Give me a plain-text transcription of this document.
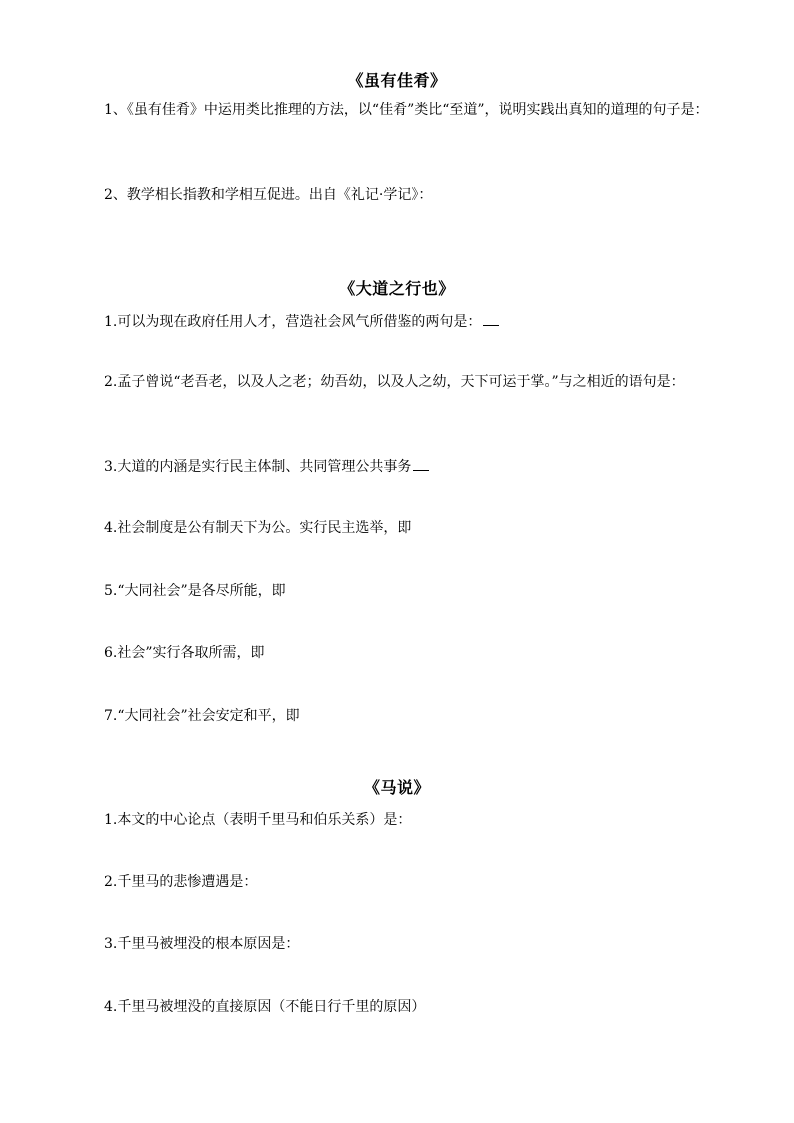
《虽有佳肴》
1、《虽有佳肴》中运用类比推理的方法，以“佳肴”类比“至道”，说明实践出真知的道理的句子是：
2、教学相长指教和学相互促进。出自《礼记·学记》：
《大道之行也》
1.可以为现在政府任用人才，营造社会风气所借鉴的两句是：
2.孟子曾说“老吾老，以及人之老；幼吾幼，以及人之幼，天下可运于掌。”与之相近的语句是：
3.大道的内涵是实行民主体制、共同管理公共事务
4.社会制度是公有制天下为公。实行民主选举，即
5.“大同社会”是各尽所能，即
6.社会”实行各取所需，即
7.“大同社会”社会安定和平，即
《马说》
1.本文的中心论点（表明千里马和伯乐关系）是：
2.千里马的悲惨遭遇是：
3.千里马被埋没的根本原因是：
4.千里马被埋没的直接原因（不能日行千里的原因）
